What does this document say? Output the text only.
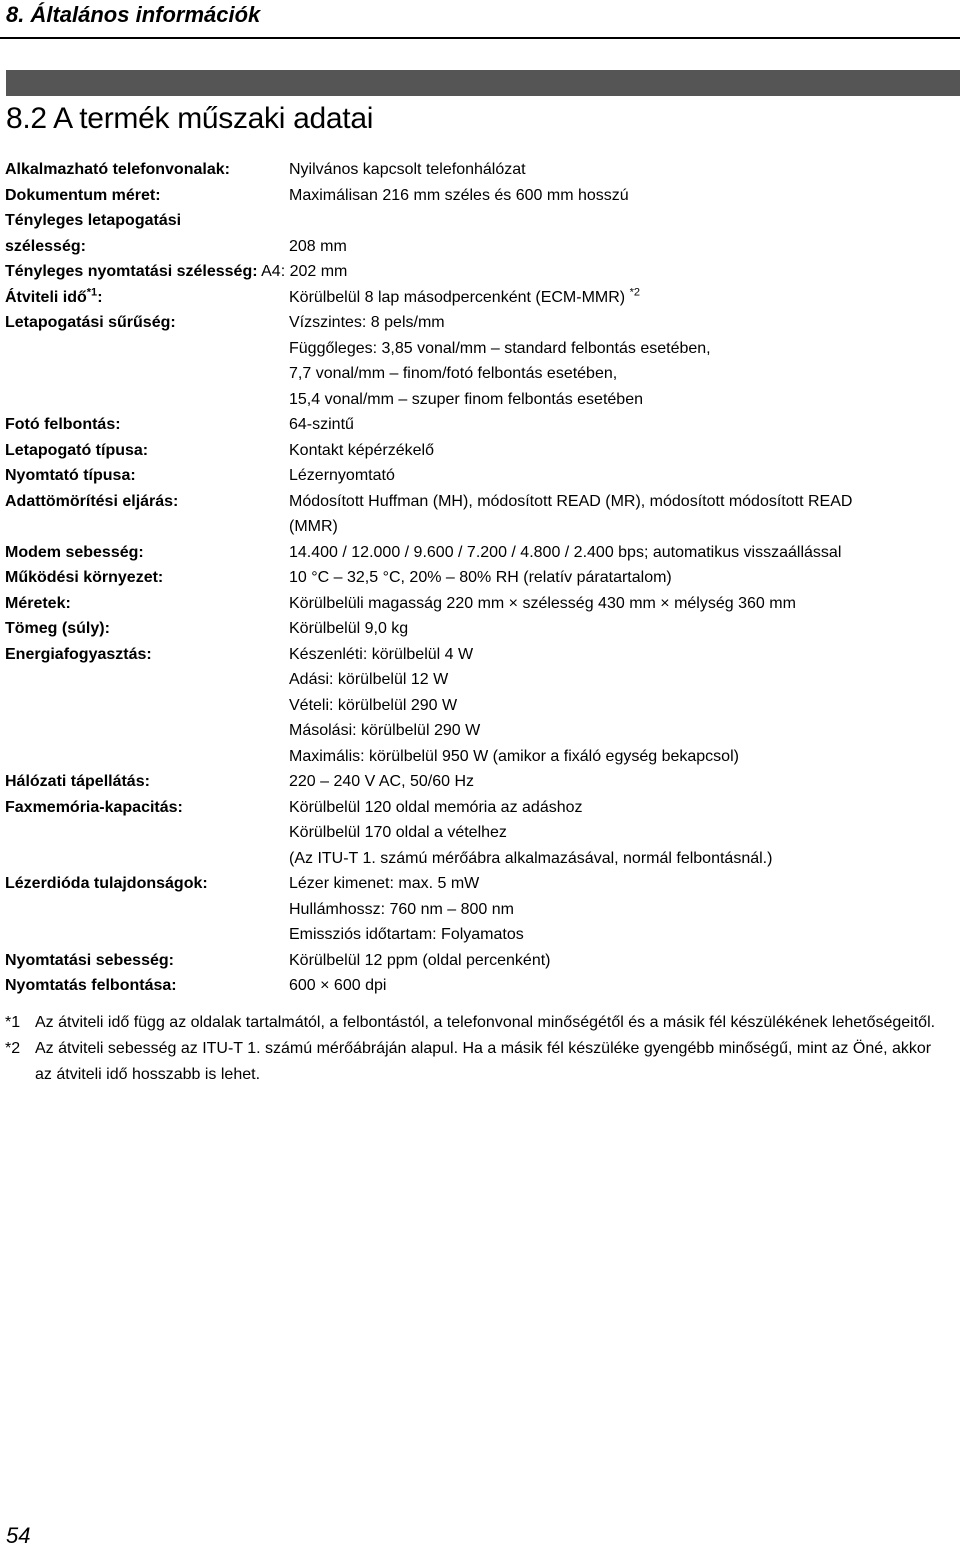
8. Általános információk
8.2 A termék műszaki adatai
Alkalmazható telefonvonalak:	Nyilvános kapcsolt telefonhálózat
Dokumentum méret:	Maximálisan 216 mm széles és 600 mm hosszú
Tényleges letapogatási	
szélesség:	208 mm
Tényleges nyomtatási szélesség: A4: 202 mm	
Átviteli idő$^{*1}$:	Körülbelül 8 lap másodpercenként (ECM-MMR) $^{*2}$
Letapogatási sűrűség:	Vízszintes: 8 pels/mm
	Függőleges: 3,85 vonal/mm – standard felbontás esetében,
	7,7 vonal/mm – finom/fotó felbontás esetében,
	15,4 vonal/mm – szuper finom felbontás esetében
Fotó felbontás:	64-szintű
Letapogató típusa:	Kontakt képérzékelő
Nyomtató típusa:	Lézernyomtató
Adattömörítési eljárás:	Módosított Huffman (MH), módosított READ (MR), módosított módosított READ
	(MMR)
Modem sebesség:	14.400 / 12.000 / 9.600 / 7.200 / 4.800 / 2.400 bps; automatikus visszaállással
Működési környezet:	10 °C – 32,5 °C, 20% – 80% RH (relatív páratartalom)
Méretek:	Körülbelüli magasság 220 mm × szélesség 430 mm × mélység 360 mm
Tömeg (súly):	Körülbelül 9,0 kg
Energiafogyasztás:	Készenléti: körülbelül 4 W
	Adási: körülbelül 12 W
	Vételi: körülbelül 290 W
	Másolási: körülbelül 290 W
	Maximális: körülbelül 950 W (amikor a fixáló egység bekapcsol)
Hálózati tápellátás:	220 – 240 V AC, 50/60 Hz
Faxmemória-kapacitás:	Körülbelül 120 oldal memória az adáshoz
	Körülbelül 170 oldal a vételhez
	(Az ITU-T 1. számú mérőábra alkalmazásával, normál felbontásnál.)
Lézerdióda tulajdonságok:	Lézer kimenet: max. 5 mW
	Hullámhossz: 760 nm – 800 nm
	Emissziós időtartam: Folyamatos
Nyomtatási sebesség:	Körülbelül 12 ppm (oldal percenként)
Nyomtatás felbontása:	600 × 600 dpi
*1 Az átviteli idő függ az oldalak tartalmától, a felbontástól, a telefonvonal minőségétől és a másik fél készülékének lehetőségeitől.
*2 Az átviteli sebesség az ITU-T 1. számú mérőábráján alapul. Ha a másik fél készüléke gyengébb minőségű, mint az Öné, akkor az átviteli idő hosszabb is lehet.
54
